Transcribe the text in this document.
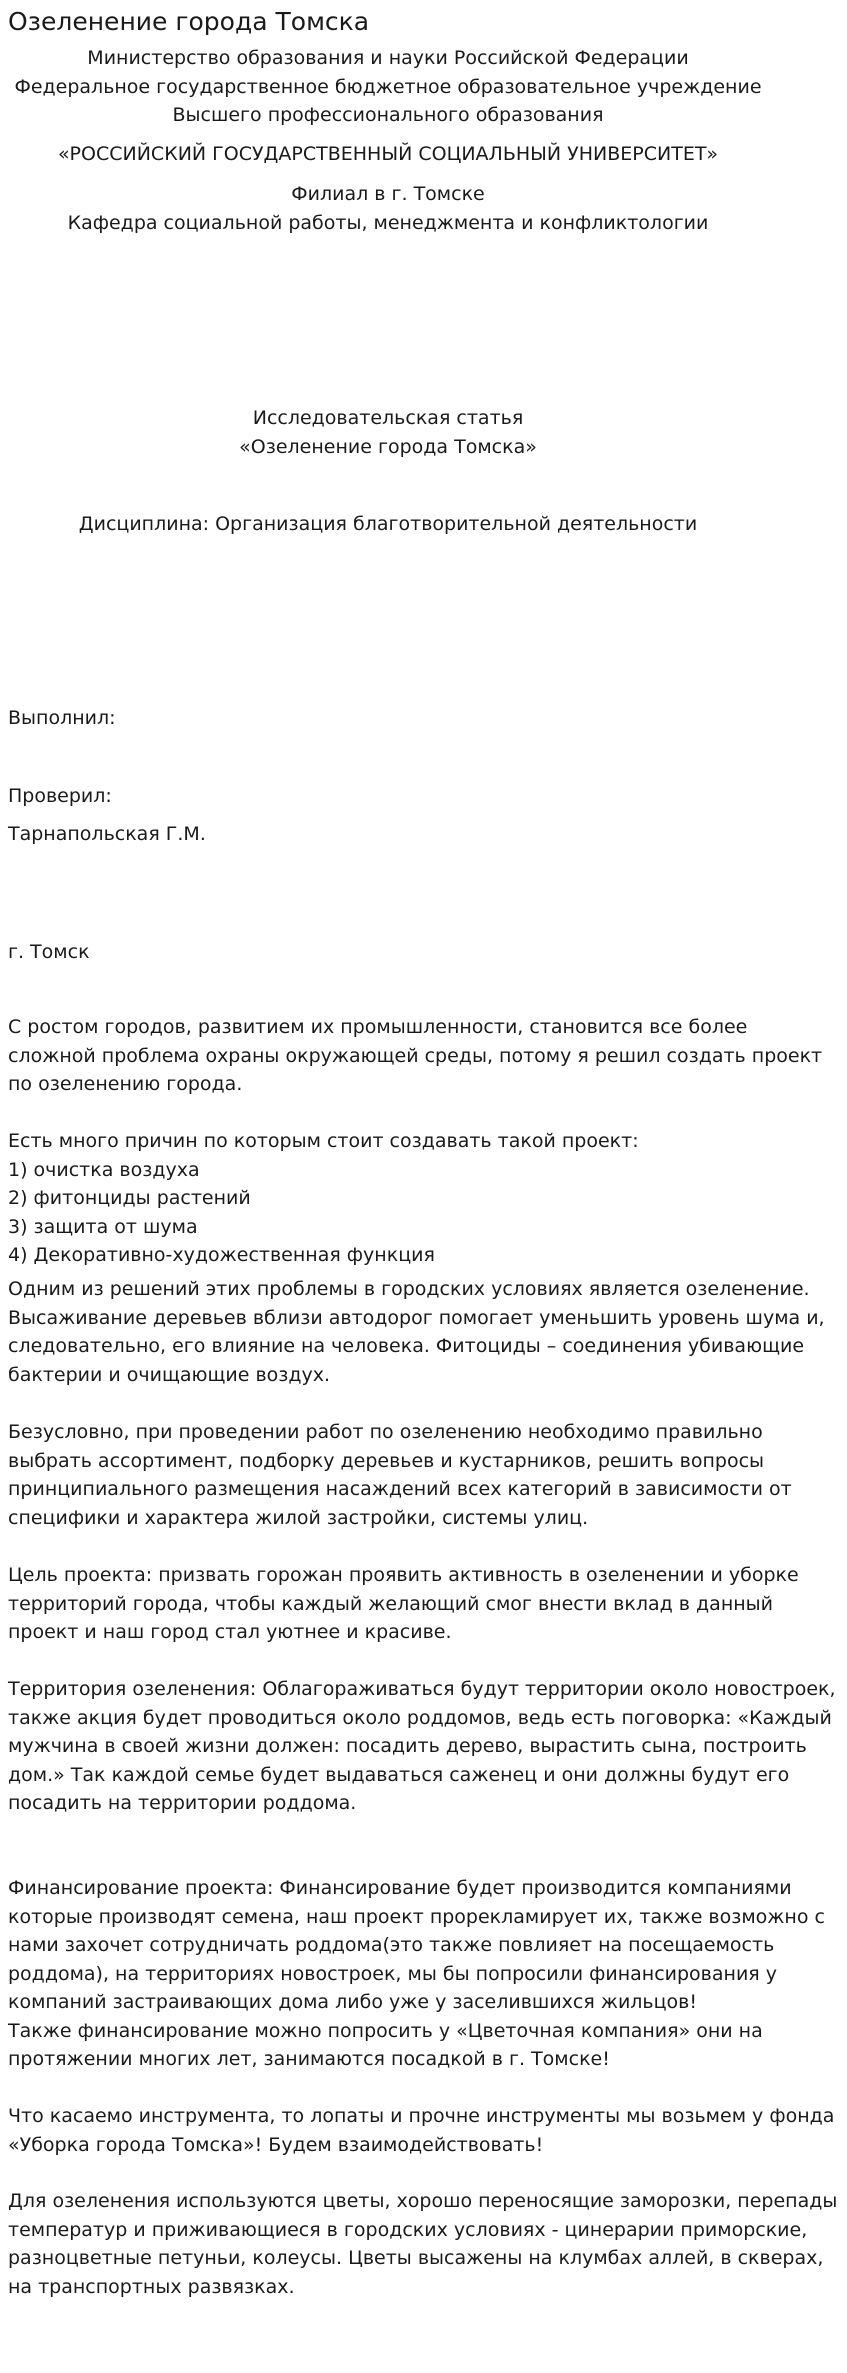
Озеленение города Томска
Министерство образования и науки Российской Федерации
Федеральное государственное бюджетное образовательное учреждение
Высшего профессионального образования
«РОССИЙСКИЙ ГОСУДАРСТВЕННЫЙ СОЦИАЛЬНЫЙ УНИВЕРСИТЕТ»
Филиал в г. Томске
Кафедра социальной работы, менеджмента и конфликтологии
Исследовательская статья
«Озеленение города Томска»
Дисциплина: Организация благотворительной деятельности
Выполнил:
Проверил:
Тарнапольская Г.М.
г. Томск
С ростом городов, развитием их промышленности, становится все более
сложной проблема охраны окружающей среды, потому я решил создать проект
по озеленению города.
Есть много причин по которым стоит создавать такой проект:
1) очистка воздуха
2) фитонциды растений
3) защита от шума
4) Декоративно-художественная функция
Одним из решений этих проблемы в городских условиях является озеленение.
Высаживание деревьев вблизи автодорог помогает уменьшить уровень шума и,
следовательно, его влияние на человека. Фитоциды – соединения убивающие
бактерии и очищающие воздух.
Безусловно, при проведении работ по озеленению необходимо правильно
выбрать ассортимент, подборку деревьев и кустарников, решить вопросы
принципиального размещения насаждений всех категорий в зависимости от
специфики и характера жилой застройки, системы улиц.
Цель проекта: призвать горожан проявить активность в озеленении и уборке
территорий города, чтобы каждый желающий смог внести вклад в данный
проект и наш город стал уютнее и красиве.
Территория озеленения: Облагораживаться будут территории около новостроек,
также акция будет проводиться около роддомов, ведь есть поговорка: «Каждый
мужчина в своей жизни должен: посадить дерево, вырастить сына, построить
дом.» Так каждой семье будет выдаваться саженец и они должны будут его
посадить на территории роддома.
Финансирование проекта: Финансирование будет производится компаниями
которые производят семена, наш проект прорекламирует их, также возможно с
нами захочет сотрудничать роддома(это также повлияет на посещаемость
роддома), на территориях новостроек, мы бы попросили финансирования у
компаний застраивающих дома либо уже у заселившихся жильцов!
Также финансирование можно попросить у «Цветочная компания» они на
протяжении многих лет, занимаются посадкой в г. Томске!
Что касаемо инструмента, то лопаты и прочне инструменты мы возьмем у фонда
«Уборка города Томска»! Будем взаимодействовать!
Для озеленения используются цветы, хорошо переносящие заморозки, перепады
температур и приживающиеся в городских условиях - цинерарии приморские,
разноцветные петуньи, колеусы. Цветы высажены на клумбах аллей, в скверах,
на транспортных развязках.
